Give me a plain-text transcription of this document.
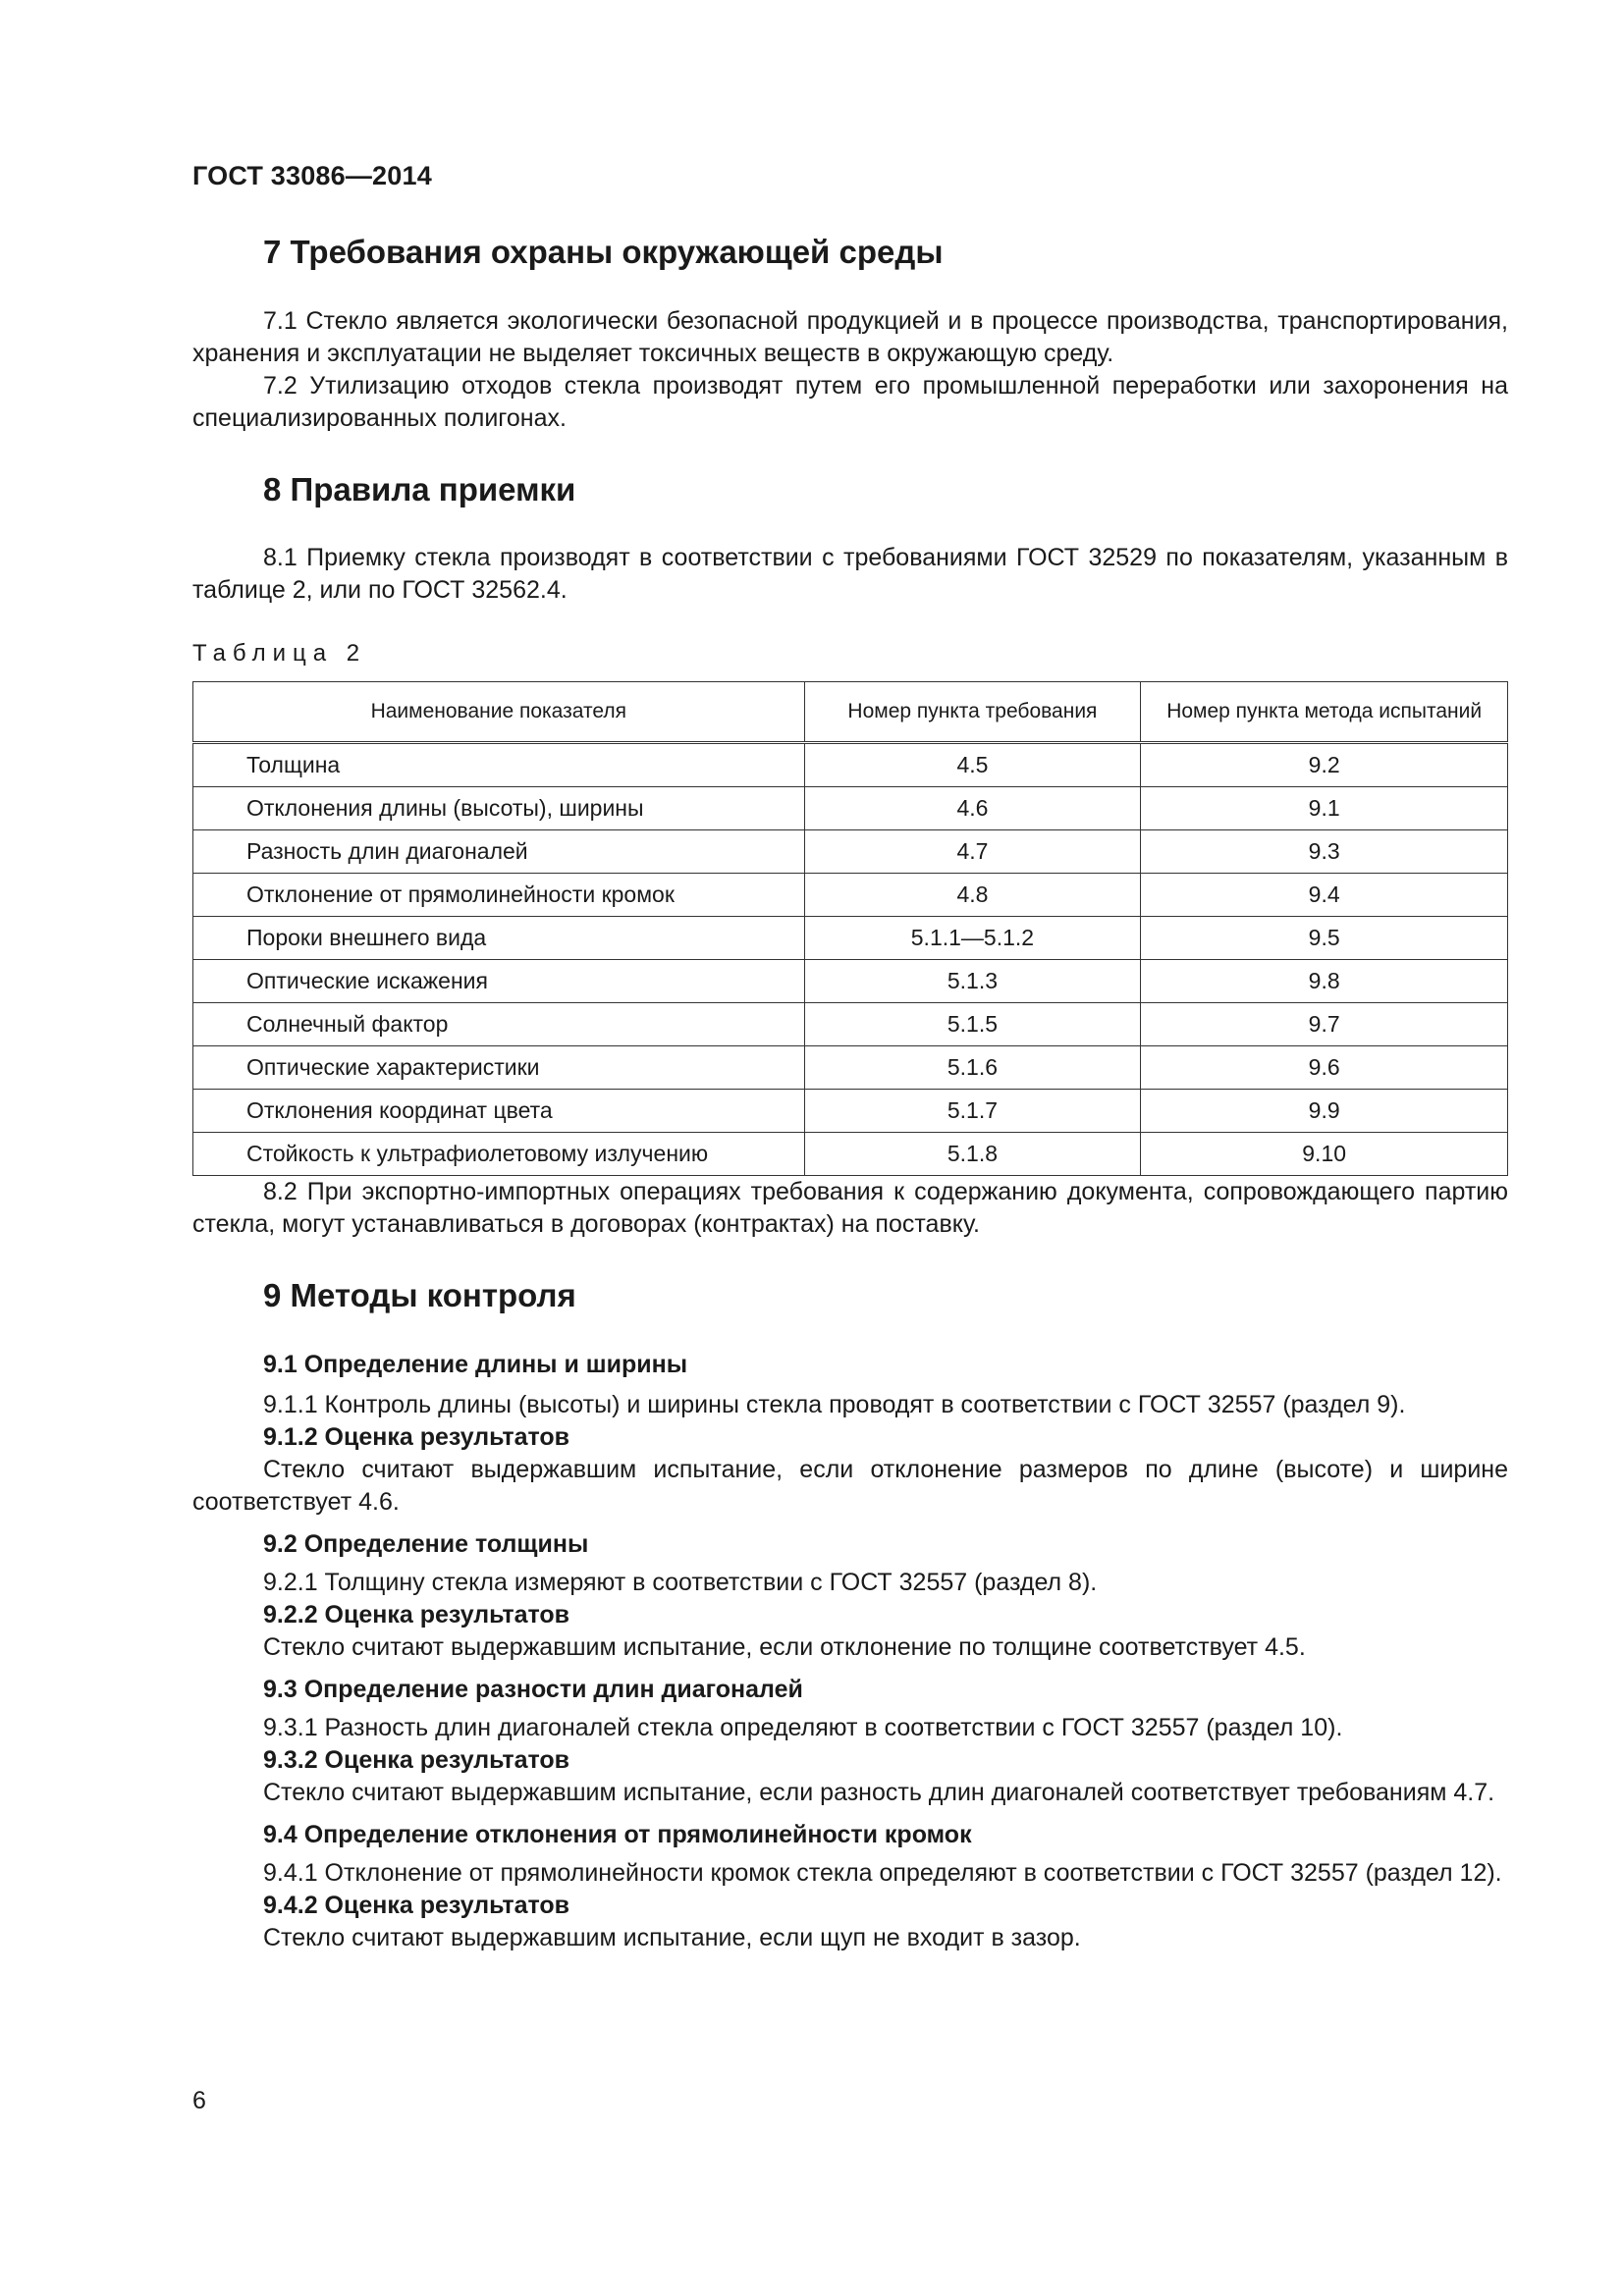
ГОСТ 33086—2014
7 Требования охраны окружающей среды

7.1 Стекло является экологически безопасной продукцией и в процессе производства, транспортирования, хранения и эксплуатации не выделяет токсичных веществ в окружающую среду.

7.2 Утилизацию отходов стекла производят путем его промышленной переработки или захоронения на специализированных полигонах.

8 Правила приемки

8.1 Приемку стекла производят в соответствии с требованиями ГОСТ 32529 по показателям, указанным в таблице 2, или по ГОСТ 32562.4.

Таблица 2
Наименование показателя	Номер пункта требования	Номер пункта метода испытаний
Толщина	4.5	9.2
Отклонения длины (высоты), ширины	4.6	9.1
Разность длин диагоналей	4.7	9.3
Отклонение от прямолинейности кромок	4.8	9.4
Пороки внешнего вида	5.1.1—5.1.2	9.5
Оптические искажения	5.1.3	9.8
Солнечный фактор	5.1.5	9.7
Оптические характеристики	5.1.6	9.6
Отклонения координат цвета	5.1.7	9.9
Стойкость к ультрафиолетовому излучению	5.1.8	9.10

8.2 При экспортно-импортных операциях требования к содержанию документа, сопровождающего партию стекла, могут устанавливаться в договорах (контрактах) на поставку.

9 Методы контроля
9.1 Определение длины и ширины

9.1.1 Контроль длины (высоты) и ширины стекла проводят в соответствии с ГОСТ 32557 (раздел 9).

9.1.2 Оценка результатов

Стекло считают выдержавшим испытание, если отклонение размеров по длине (высоте) и ширине соответствует 4.6.

9.2 Определение толщины

9.2.1 Толщину стекла измеряют в соответствии с ГОСТ 32557 (раздел 8).

9.2.2 Оценка результатов

Стекло считают выдержавшим испытание, если отклонение по толщине соответствует 4.5.

9.3 Определение разности длин диагоналей

9.3.1 Разность длин диагоналей стекла определяют в соответствии с ГОСТ 32557 (раздел 10).

9.3.2 Оценка результатов

Стекло считают выдержавшим испытание, если разность длин диагоналей соответствует требованиям 4.7.

9.4 Определение отклонения от прямолинейности кромок

9.4.1 Отклонение от прямолинейности кромок стекла определяют в соответствии с ГОСТ 32557 (раздел 12).

9.4.2 Оценка результатов

Стекло считают выдержавшим испытание, если щуп не входит в зазор.

6
